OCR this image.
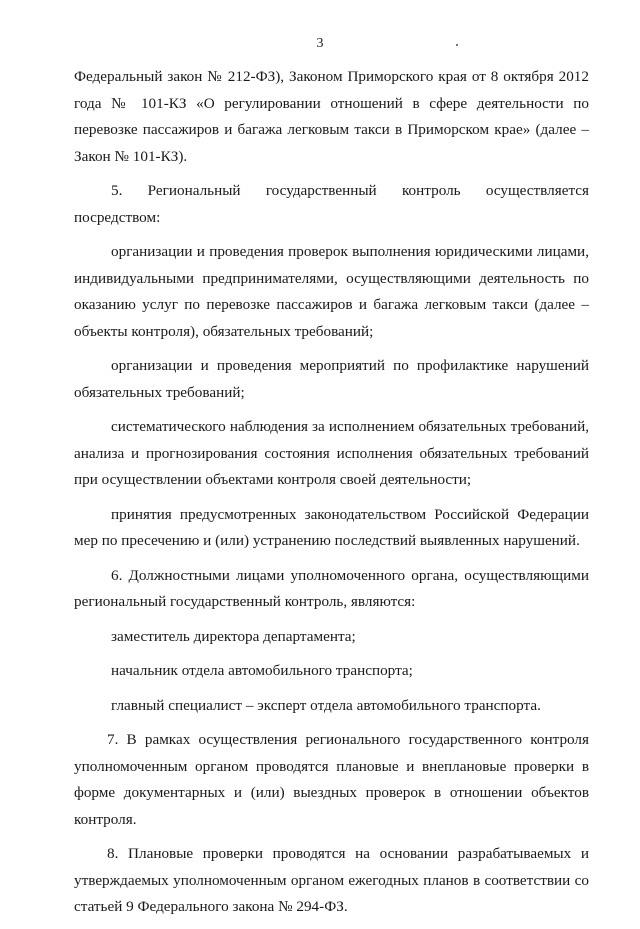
3

Федеральный закон № 212-ФЗ), Законом Приморского края от 8 октября 2012 года № 101-КЗ «О регулировании отношений в сфере деятельности по перевозке пассажиров и багажа легковым такси в Приморском крае» (далее – Закон № 101-КЗ).

5. Региональный государственный контроль осуществляется посредством:

организации и проведения проверок выполнения юридическими лицами, индивидуальными предпринимателями, осуществляющими деятельность по оказанию услуг по перевозке пассажиров и багажа легковым такси (далее – объекты контроля), обязательных требований;

организации и проведения мероприятий по профилактике нарушений обязательных требований;

систематического наблюдения за исполнением обязательных требований, анализа и прогнозирования состояния исполнения обязательных требований при осуществлении объектами контроля своей деятельности;

принятия предусмотренных законодательством Российской Федерации мер по пресечению и (или) устранению последствий выявленных нарушений.

6. Должностными лицами уполномоченного органа, осуществляющими региональный государственный контроль, являются:

заместитель директора департамента;

начальник отдела автомобильного транспорта;

главный специалист – эксперт отдела автомобильного транспорта.

7. В рамках осуществления регионального государственного контроля уполномоченным органом проводятся плановые и внеплановые проверки в форме документарных и (или) выездных проверок в отношении объектов контроля.

8. Плановые проверки проводятся на основании разрабатываемых и утверждаемых уполномоченным органом ежегодных планов в соответствии со статьей 9 Федерального закона № 294-ФЗ.
